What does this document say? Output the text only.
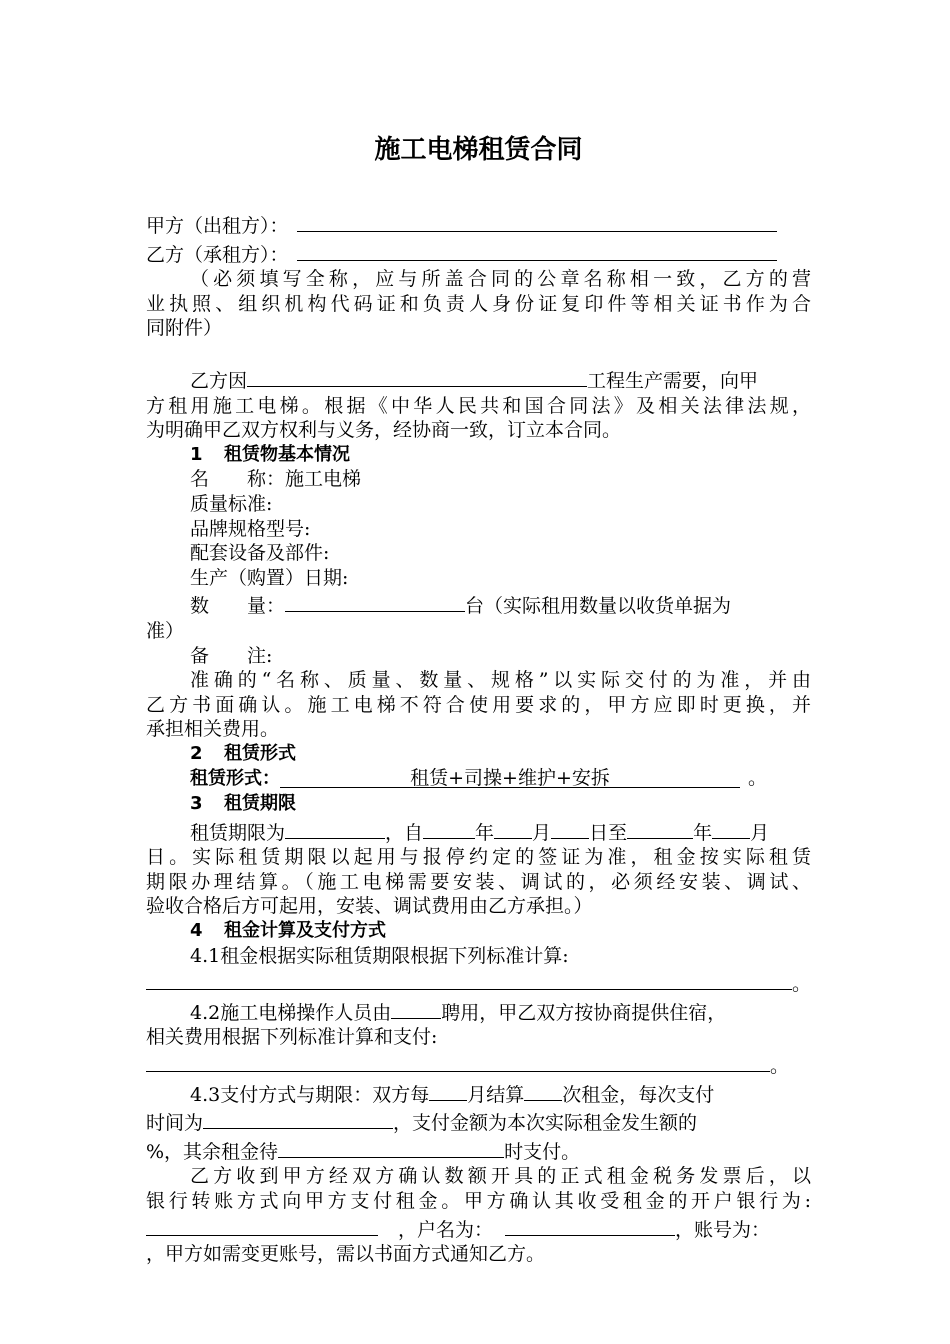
施工电梯租赁合同
甲方（出租方）：
乙方（承租方）：
（必须填写全称，应与所盖合同的公章名称相一致，乙方的营
业执照、组织机构代码证和负责人身份证复印件等相关证书作为合
同附件）
乙方因	工程生产需要，向甲
方租用施工电梯。根据《中华人民共和国合同法》及相关法律法规，
为明确甲乙双方权利与义务，经协商一致，订立本合同。
1 租赁物基本情况
名　　称：施工电梯
质量标准:
品牌规格型号:
配套设备及部件:
生产（购置）日期:
数　　量：	台（实际租用数量以收货单据为
准）
备　　注:
准确的“名称、质量、数量、规格”以实际交付的为准，并由
乙方书面确认。施工电梯不符合使用要求的，甲方应即时更换，并
承担相关费用。
2 租赁形式
租赁形式：	租赁+司操+维护+安拆	。
3 租赁期限
租赁期限为	，自	年 月 日至	年 月
日。实际租赁期限以起用与报停约定的签证为准，租金按实际租赁
期限办理结算。（施工电梯需要安装、调试的，必须经安装、调试、
验收合格后方可起用，安装、调试费用由乙方承担。）
4 租金计算及支付方式
4.1租金根据实际租赁期限根据下列标准计算:
。
4.2施工电梯操作人员由	聘用，甲乙双方按协商提供住宿，
相关费用根据下列标准计算和支付:
。
4.3支付方式与期限：双方每 月结算 次租金，每次支付
时间为	，支付金额为本次实际租金发生额的
%，其余租金待	时支付。
乙方收到甲方经双方确认数额开具的正式租金税务发票后，以
银行转账方式向甲方支付租金。甲方确认其收受租金的开户银行为:
，户名为：	，账号为：
，甲方如需变更账号，需以书面方式通知乙方。
